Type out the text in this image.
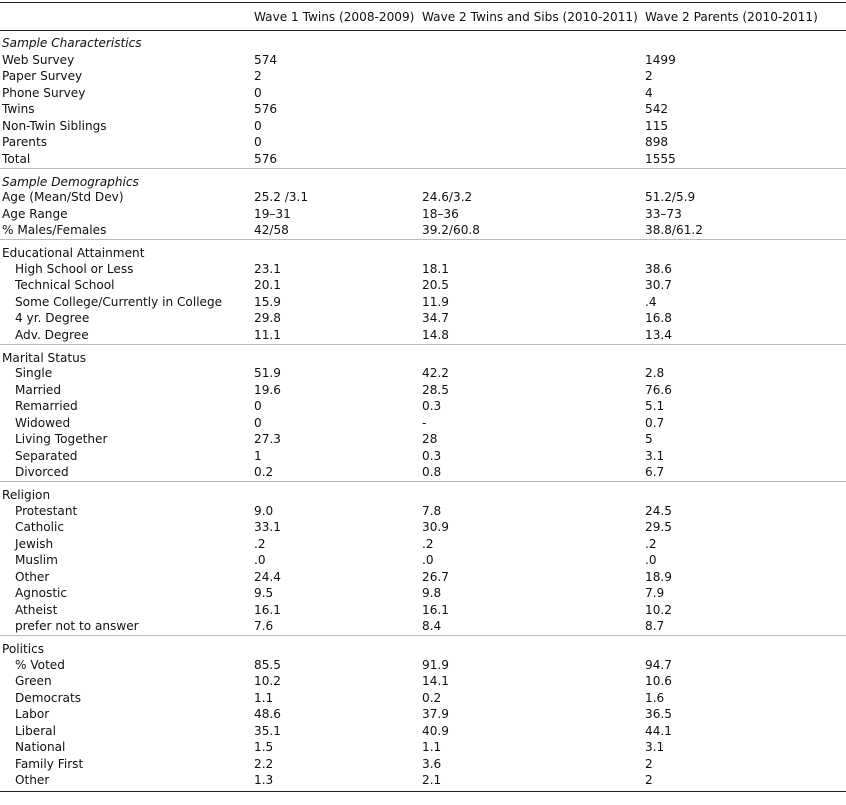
	Wave 1 Twins (2008-2009)	Wave 2 Twins and Sibs (2010-2011)	Wave 2 Parents (2010-2011)
Sample Characteristics			
Web Survey	574		1499
Paper Survey	2		2
Phone Survey	0		4
Twins	576		542
Non-Twin Siblings	0		115
Parents	0		898
Total	576		1555
Sample Demographics			
Age (Mean/Std Dev)	25.2 /3.1	24.6/3.2	51.2/5.9
Age Range	19–31	18–36	33–73
% Males/Females	42/58	39.2/60.8	38.8/61.2
Educational Attainment			
High School or Less	23.1	18.1	38.6
Technical School	20.1	20.5	30.7
Some College/Currently in College	15.9	11.9	.4
4 yr. Degree	29.8	34.7	16.8
Adv. Degree	11.1	14.8	13.4
Marital Status			
Single	51.9	42.2	2.8
Married	19.6	28.5	76.6
Remarried	0	0.3	5.1
Widowed	0	-	0.7
Living Together	27.3	28	5
Separated	1	0.3	3.1
Divorced	0.2	0.8	6.7
Religion			
Protestant	9.0	7.8	24.5
Catholic	33.1	30.9	29.5
Jewish	.2	.2	.2
Muslim	.0	.0	.0
Other	24.4	26.7	18.9
Agnostic	9.5	9.8	7.9
Atheist	16.1	16.1	10.2
prefer not to answer	7.6	8.4	8.7
Politics			
% Voted	85.5	91.9	94.7
Green	10.2	14.1	10.6
Democrats	1.1	0.2	1.6
Labor	48.6	37.9	36.5
Liberal	35.1	40.9	44.1
National	1.5	1.1	3.1
Family First	2.2	3.6	2
Other	1.3	2.1	2
